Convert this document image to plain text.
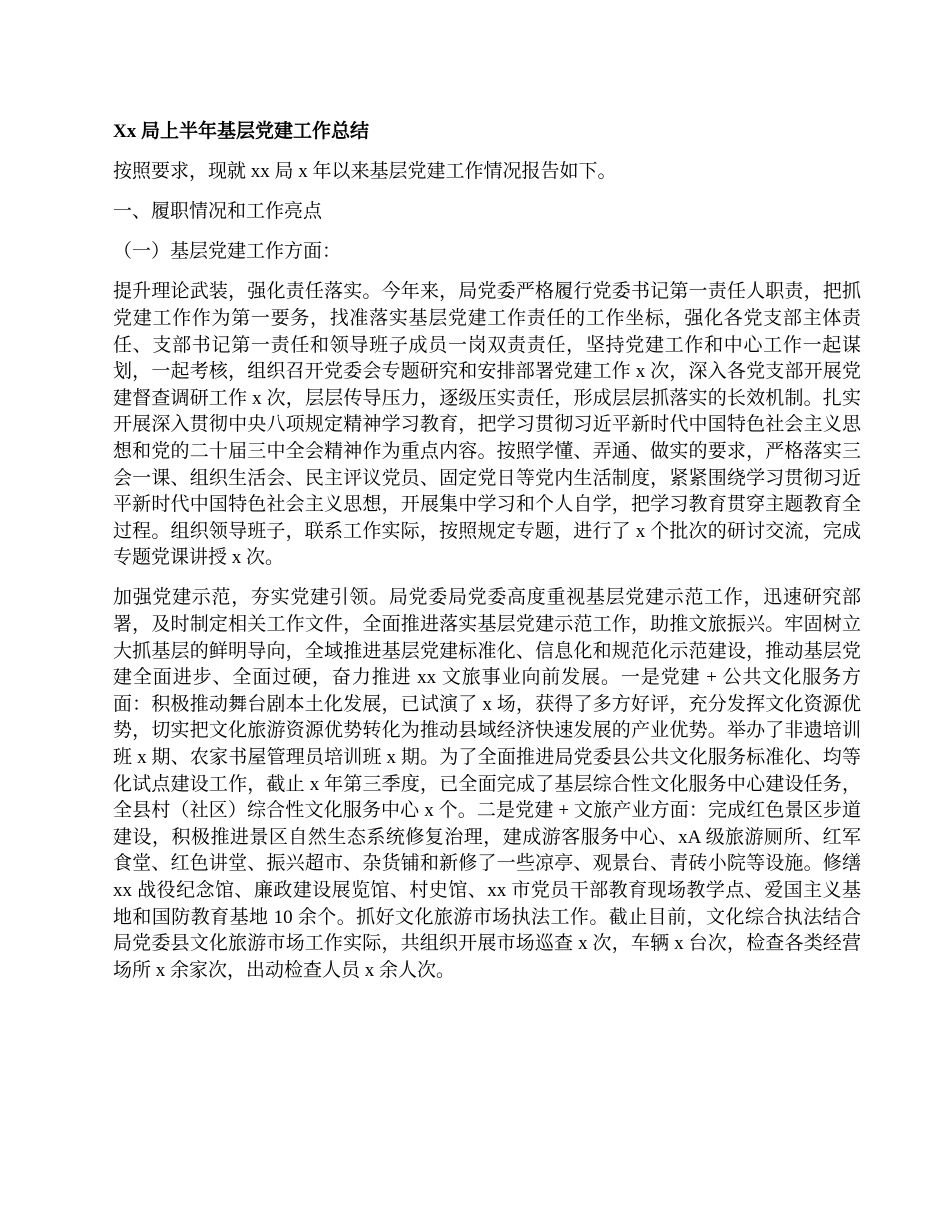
Xx 局上半年基层党建工作总结

按照要求，现就 xx 局 x 年以来基层党建工作情况报告如下。

一、履职情况和工作亮点

（一）基层党建工作方面：

提升理论武装，强化责任落实。今年来，局党委严格履行党委书记第一责任人职责，把抓党建工作作为第一要务，找准落实基层党建工作责任的工作坐标，强化各党支部主体责任、支部书记第一责任和领导班子成员一岗双责责任，坚持党建工作和中心工作一起谋划，一起考核，组织召开党委会专题研究和安排部署党建工作 x 次，深入各党支部开展党建督查调研工作 x 次，层层传导压力，逐级压实责任，形成层层抓落实的长效机制。扎实开展深入贯彻中央八项规定精神学习教育，把学习贯彻习近平新时代中国特色社会主义思想和党的二十届三中全会精神作为重点内容。按照学懂、弄通、做实的要求，严格落实三会一课、组织生活会、民主评议党员、固定党日等党内生活制度，紧紧围绕学习贯彻习近平新时代中国特色社会主义思想，开展集中学习和个人自学，把学习教育贯穿主题教育全过程。组织领导班子，联系工作实际，按照规定专题，进行了 x 个批次的研讨交流，完成专题党课讲授 x 次。

加强党建示范，夯实党建引领。局党委局党委高度重视基层党建示范工作，迅速研究部署，及时制定相关工作文件，全面推进落实基层党建示范工作，助推文旅振兴。牢固树立大抓基层的鲜明导向，全域推进基层党建标准化、信息化和规范化示范建设，推动基层党建全面进步、全面过硬，奋力推进 xx 文旅事业向前发展。一是党建 + 公共文化服务方面：积极推动舞台剧本土化发展，已试演了 x 场，获得了多方好评，充分发挥文化资源优势，切实把文化旅游资源优势转化为推动县域经济快速发展的产业优势。举办了非遗培训班 x 期、农家书屋管理员培训班 x 期。为了全面推进局党委县公共文化服务标准化、均等化试点建设工作，截止 x 年第三季度，已全面完成了基层综合性文化服务中心建设任务，全县村（社区）综合性文化服务中心 x 个。二是党建 + 文旅产业方面：完成红色景区步道建设，积极推进景区自然生态系统修复治理，建成游客服务中心、xA 级旅游厕所、红军食堂、红色讲堂、振兴超市、杂货铺和新修了一些凉亭、观景台、青砖小院等设施。修缮 xx 战役纪念馆、廉政建设展览馆、村史馆、xx 市党员干部教育现场教学点、爱国主义基地和国防教育基地 10 余个。抓好文化旅游市场执法工作。截止目前，文化综合执法结合局党委县文化旅游市场工作实际，共组织开展市场巡查 x 次，车辆 x 台次，检查各类经营场所 x 余家次，出动检查人员 x 余人次。
